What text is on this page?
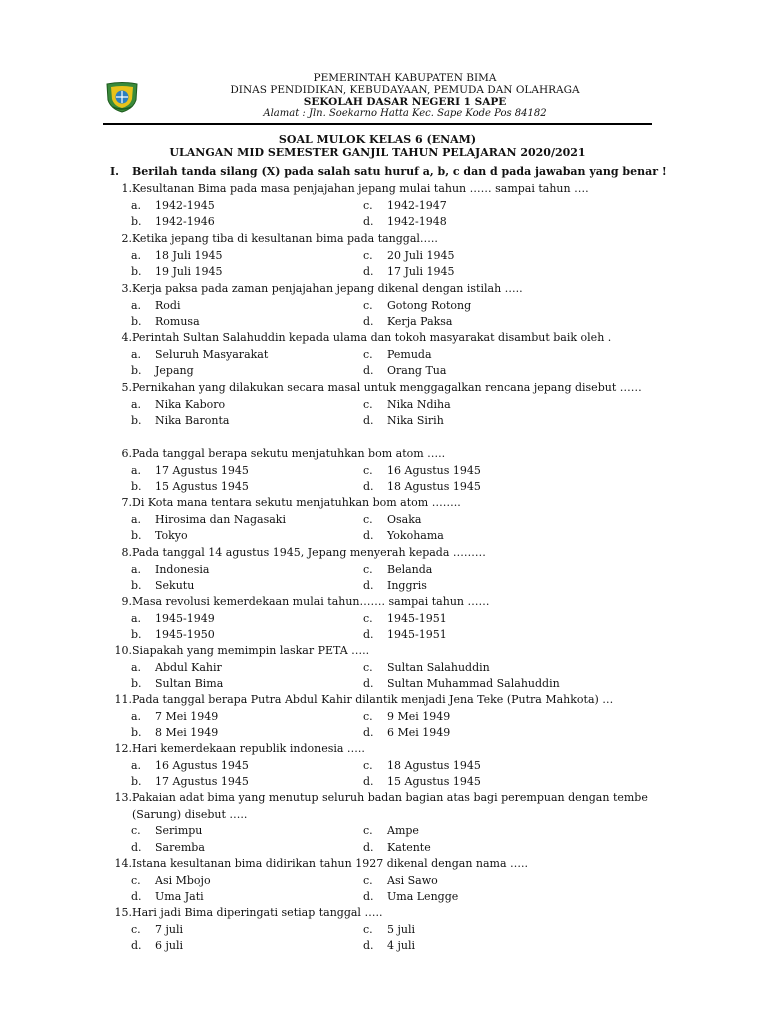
PEMERINTAH KABUPATEN BIMA
DINAS PENDIDIKAN, KEBUDAYAAN, PEMUDA DAN OLAHRAGA
SEKOLAH DASAR NEGERI 1 SAPE
Alamat : Jln. Soekarno Hatta Kec. Sape Kode Pos 84182
SOAL MULOK KELAS 6 (ENAM)
ULANGAN MID SEMESTER GANJIL TAHUN PELAJARAN 2020/2021
I. Berilah tanda silang (X) pada salah satu huruf a, b, c dan d pada jawaban yang benar !
1. Kesultanan Bima pada masa penjajahan jepang mulai tahun …… sampai tahun ….
a. 1942-1945	c. 1942-1947
b. 1942-1946	d. 1942-1948
2. Ketika jepang tiba di kesultanan bima pada tanggal…..
a. 18 Juli 1945	c. 20 Juli 1945
b. 19 Juli 1945	d. 17 Juli 1945
3. Kerja paksa pada zaman penjajahan jepang dikenal dengan istilah …..
a. Rodi	c. Gotong Rotong
b. Romusa	d. Kerja Paksa
4. Perintah Sultan Salahuddin kepada ulama dan tokoh masyarakat disambut baik oleh .
a. Seluruh Masyarakat	c. Pemuda
b. Jepang	d. Orang Tua
5. Pernikahan yang dilakukan secara masal untuk menggagalkan rencana jepang disebut ……
a. Nika Kaboro	c. Nika Ndiha
b. Nika Baronta	d. Nika Sirih
6. Pada tanggal berapa sekutu menjatuhkan bom atom …..
a. 17 Agustus 1945	c. 16 Agustus 1945
b. 15 Agustus 1945	d. 18 Agustus 1945
7. Di Kota mana tentara sekutu menjatuhkan bom atom ……..
a. Hirosima dan Nagasaki	c. Osaka
b. Tokyo	d. Yokohama
8. Pada tanggal 14 agustus 1945, Jepang menyerah kepada ………
a. Indonesia	c. Belanda
b. Sekutu	d. Inggris
9. Masa revolusi kemerdekaan mulai tahun……. sampai tahun ……
a. 1945-1949	c. 1945-1951
b. 1945-1950	d. 1945-1951
10. Siapakah yang memimpin laskar PETA …..
a. Abdul Kahir	c. Sultan Salahuddin
b. Sultan Bima	d. Sultan Muhammad Salahuddin
11. Pada tanggal berapa Putra Abdul Kahir dilantik menjadi Jena Teke (Putra Mahkota) …
a. 7 Mei 1949	c. 9 Mei 1949
b. 8 Mei 1949	d. 6 Mei 1949
12. Hari kemerdekaan republik indonesia …..
a. 16 Agustus 1945	c. 18 Agustus 1945
b. 17 Agustus 1945	d. 15 Agustus 1945
13. Pakaian adat bima yang menutup seluruh badan bagian atas bagi perempuan dengan tembe (Sarung) disebut …..
c. Serimpu	c. Ampe
d. Saremba	d. Katente
14. Istana kesultanan bima didirikan tahun 1927 dikenal dengan nama …..
c. Asi Mbojo	c. Asi Sawo
d. Uma Jati	d. Uma Lengge
15. Hari jadi Bima diperingati setiap tanggal …..
c. 7 juli	c. 5 juli
d. 6 juli	d. 4 juli
